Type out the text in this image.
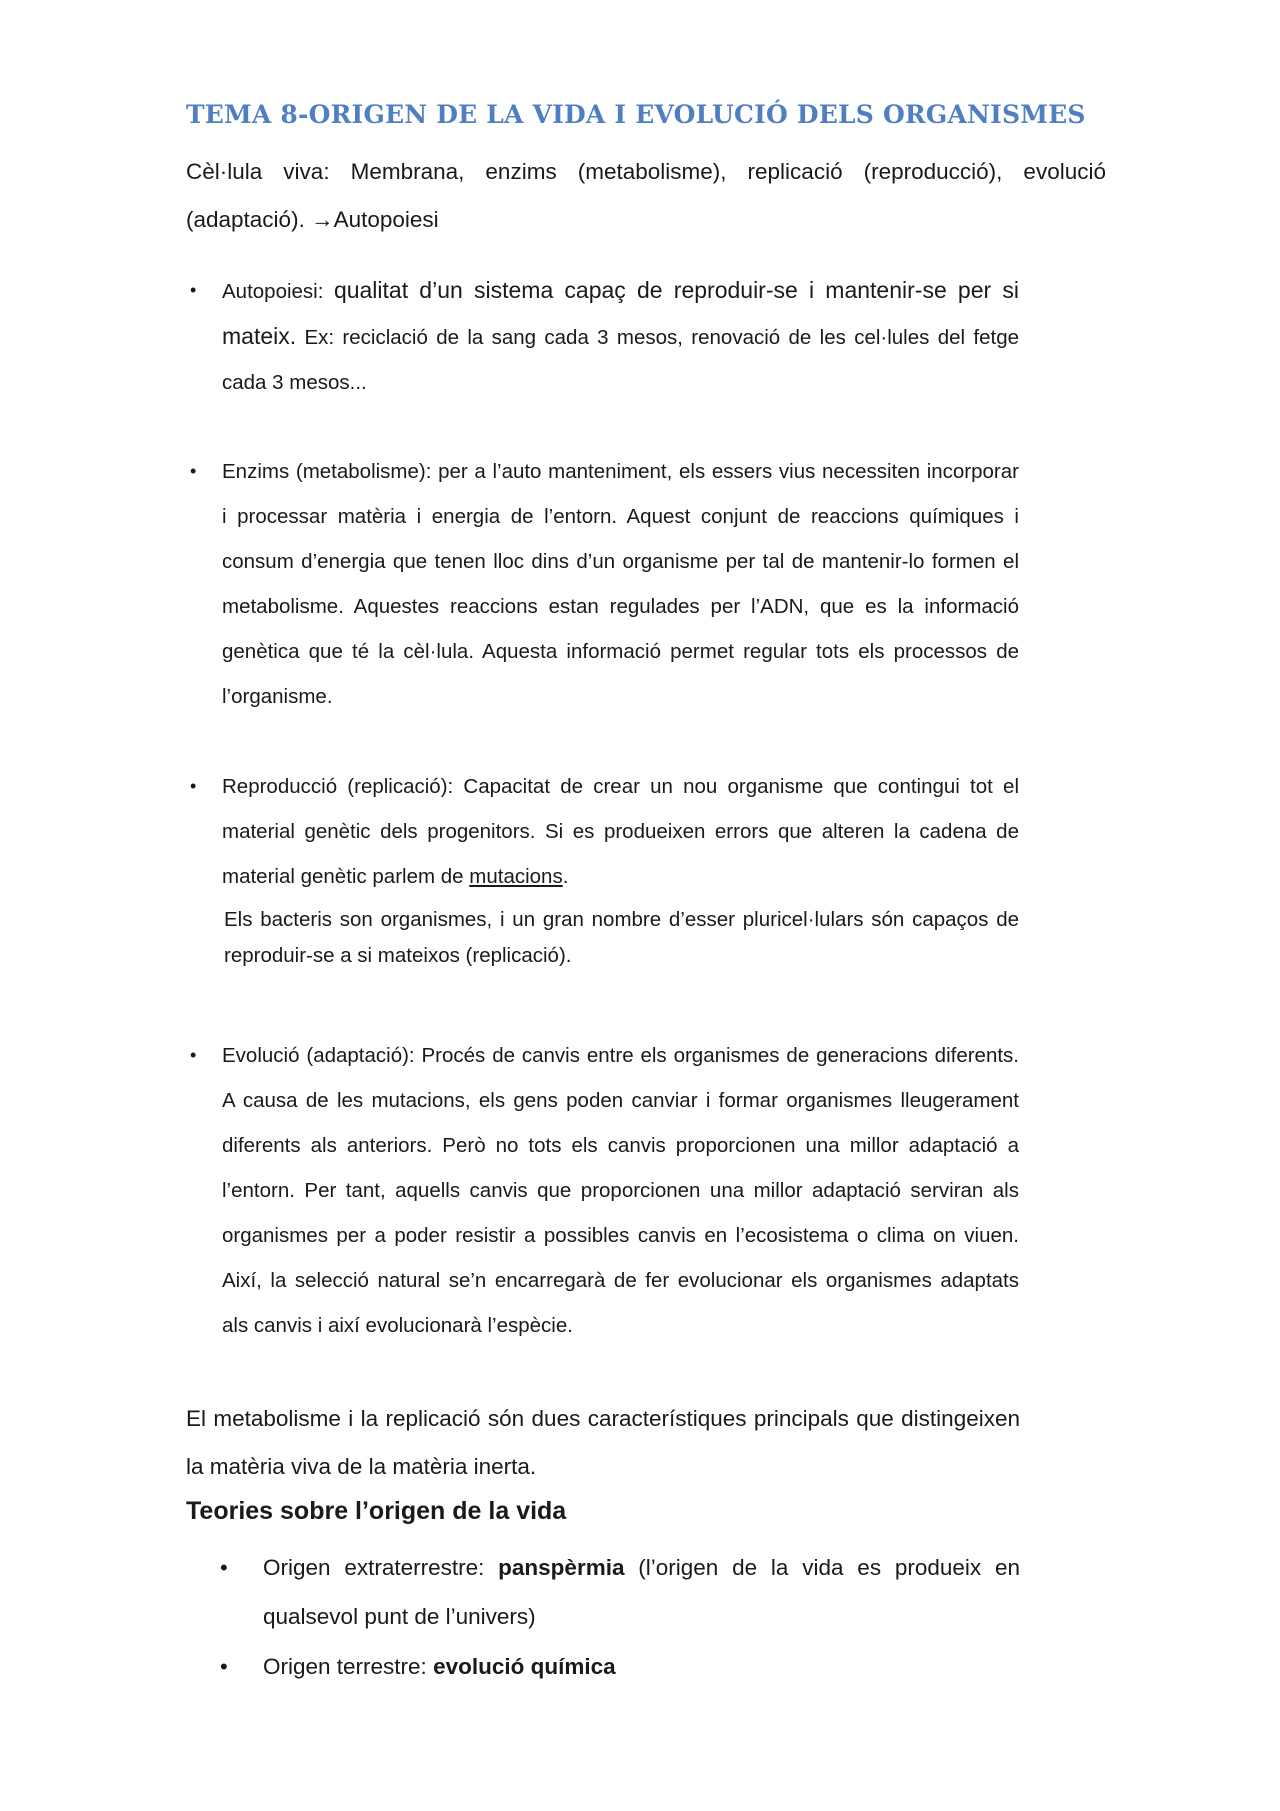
TEMA 8-ORIGEN DE LA VIDA I EVOLUCIÓ DELS ORGANISMES

Cèl·lula viva: Membrana, enzims (metabolisme), replicació (reproducció), evolució (adaptació). →Autopoiesi

• Autopoiesi: qualitat d’un sistema capaç de reproduir-se i mantenir-se per si mateix. Ex: reciclació de la sang cada 3 mesos, renovació de les cel·lules del fetge cada 3 mesos...
• Enzims (metabolisme): per a l’auto manteniment, els essers vius necessiten incorporar i processar matèria i energia de l’entorn. Aquest conjunt de reaccions químiques i consum d’energia que tenen lloc dins d’un organisme per tal de mantenir-lo formen el metabolisme. Aquestes reaccions estan regulades per l’ADN, que es la informació genètica que té la cèl·lula. Aquesta informació permet regular tots els processos de l’organisme.
• Reproducció (replicació): Capacitat de crear un nou organisme que contingui tot el material genètic dels progenitors. Si es produeixen errors que alteren la cadena de material genètic parlem de mutacions.

Els bacteris son organismes, i un gran nombre d’esser pluricel·lulars són capaços de reproduir-se a si mateixos (replicació).

• Evolució (adaptació): Procés de canvis entre els organismes de generacions diferents. A causa de les mutacions, els gens poden canviar i formar organismes lleugerament diferents als anteriors. Però no tots els canvis proporcionen una millor adaptació a l’entorn. Per tant, aquells canvis que proporcionen una millor adaptació serviran als organismes per a poder resistir a possibles canvis en l’ecosistema o clima on viuen. Així, la selecció natural se’n encarregarà de fer evolucionar els organismes adaptats als canvis i així evolucionarà l’espècie.

El metabolisme i la replicació són dues característiques principals que distingeixen la matèria viva de la matèria inerta.

Teories sobre l’origen de la vida
• Origen extraterrestre: panspèrmia (l’origen de la vida es produeix en qualsevol punt de l’univers)
• Origen terrestre: evolució química
